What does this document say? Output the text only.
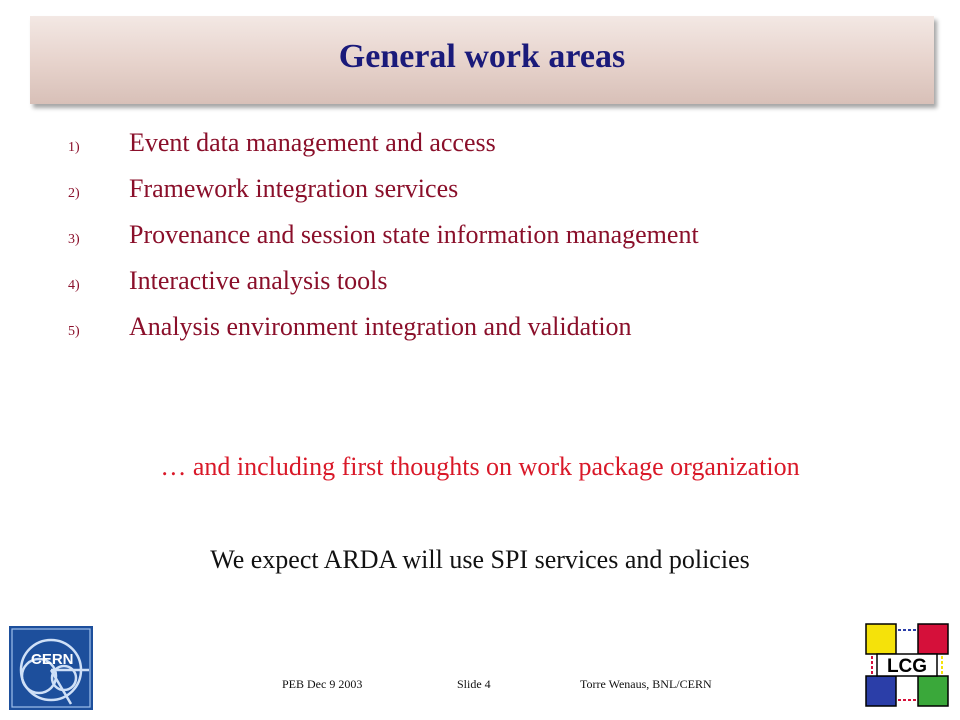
General work areas
1)	Event data management and access
2)	Framework integration services
3)	Provenance and session state information management
4)	Interactive analysis tools
5)	Analysis environment integration and validation
… and including first thoughts on work package organization
We expect ARDA will use SPI services and policies
CERN	LCG
PEB Dec 9 2003	Slide 4	Torre Wenaus, BNL/CERN
